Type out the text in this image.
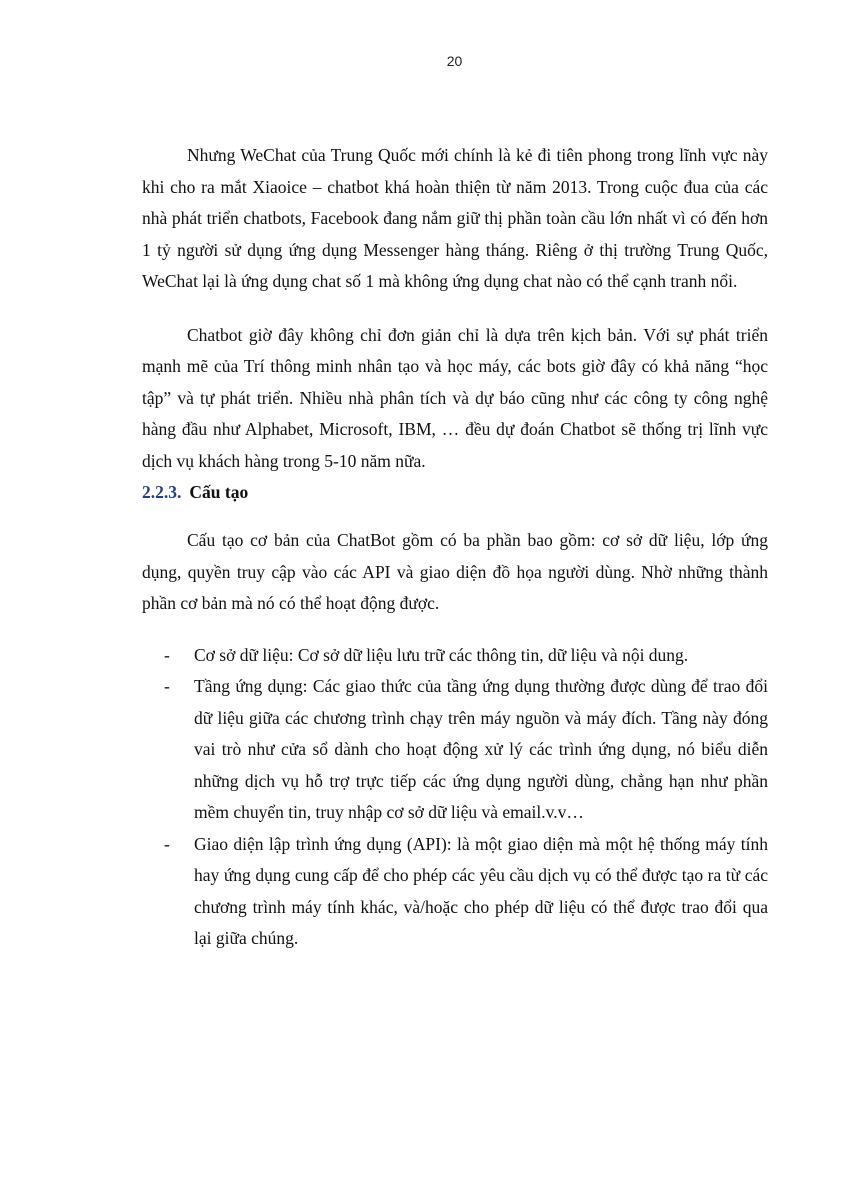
20

Nhưng WeChat của Trung Quốc mới chính là kẻ đi tiên phong trong lĩnh vực này khi cho ra mắt Xiaoice – chatbot khá hoàn thiện từ năm 2013. Trong cuộc đua của các nhà phát triển chatbots, Facebook đang nắm giữ thị phần toàn cầu lớn nhất vì có đến hơn 1 tỷ người sử dụng ứng dụng Messenger hàng tháng. Riêng ở thị trường Trung Quốc, WeChat lại là ứng dụng chat số 1 mà không ứng dụng chat nào có thể cạnh tranh nổi.

Chatbot giờ đây không chỉ đơn giản chỉ là dựa trên kịch bản. Với sự phát triển mạnh mẽ của Trí thông minh nhân tạo và học máy, các bots giờ đây có khả năng “học tập” và tự phát triển. Nhiều nhà phân tích và dự báo cũng như các công ty công nghệ hàng đầu như Alphabet, Microsoft, IBM, … đều dự đoán Chatbot sẽ thống trị lĩnh vực dịch vụ khách hàng trong 5-10 năm nữa.

2.2.3. Cấu tạo

Cấu tạo cơ bản của ChatBot gồm có ba phần bao gồm: cơ sở dữ liệu, lớp ứng dụng, quyền truy cập vào các API và giao diện đồ họa người dùng. Nhờ những thành phần cơ bản mà nó có thể hoạt động được.

- Cơ sở dữ liệu: Cơ sở dữ liệu lưu trữ các thông tin, dữ liệu và nội dung.
- Tầng ứng dụng: Các giao thức của tầng ứng dụng thường được dùng để trao đổi dữ liệu giữa các chương trình chạy trên máy nguồn và máy đích. Tầng này đóng vai trò như cửa sổ dành cho hoạt động xử lý các trình ứng dụng, nó biểu diễn những dịch vụ hỗ trợ trực tiếp các ứng dụng người dùng, chẳng hạn như phần mềm chuyển tin, truy nhập cơ sở dữ liệu và email.v.v…
- Giao diện lập trình ứng dụng (API): là một giao diện mà một hệ thống máy tính hay ứng dụng cung cấp để cho phép các yêu cầu dịch vụ có thể được tạo ra từ các chương trình máy tính khác, và/hoặc cho phép dữ liệu có thể được trao đổi qua lại giữa chúng.
